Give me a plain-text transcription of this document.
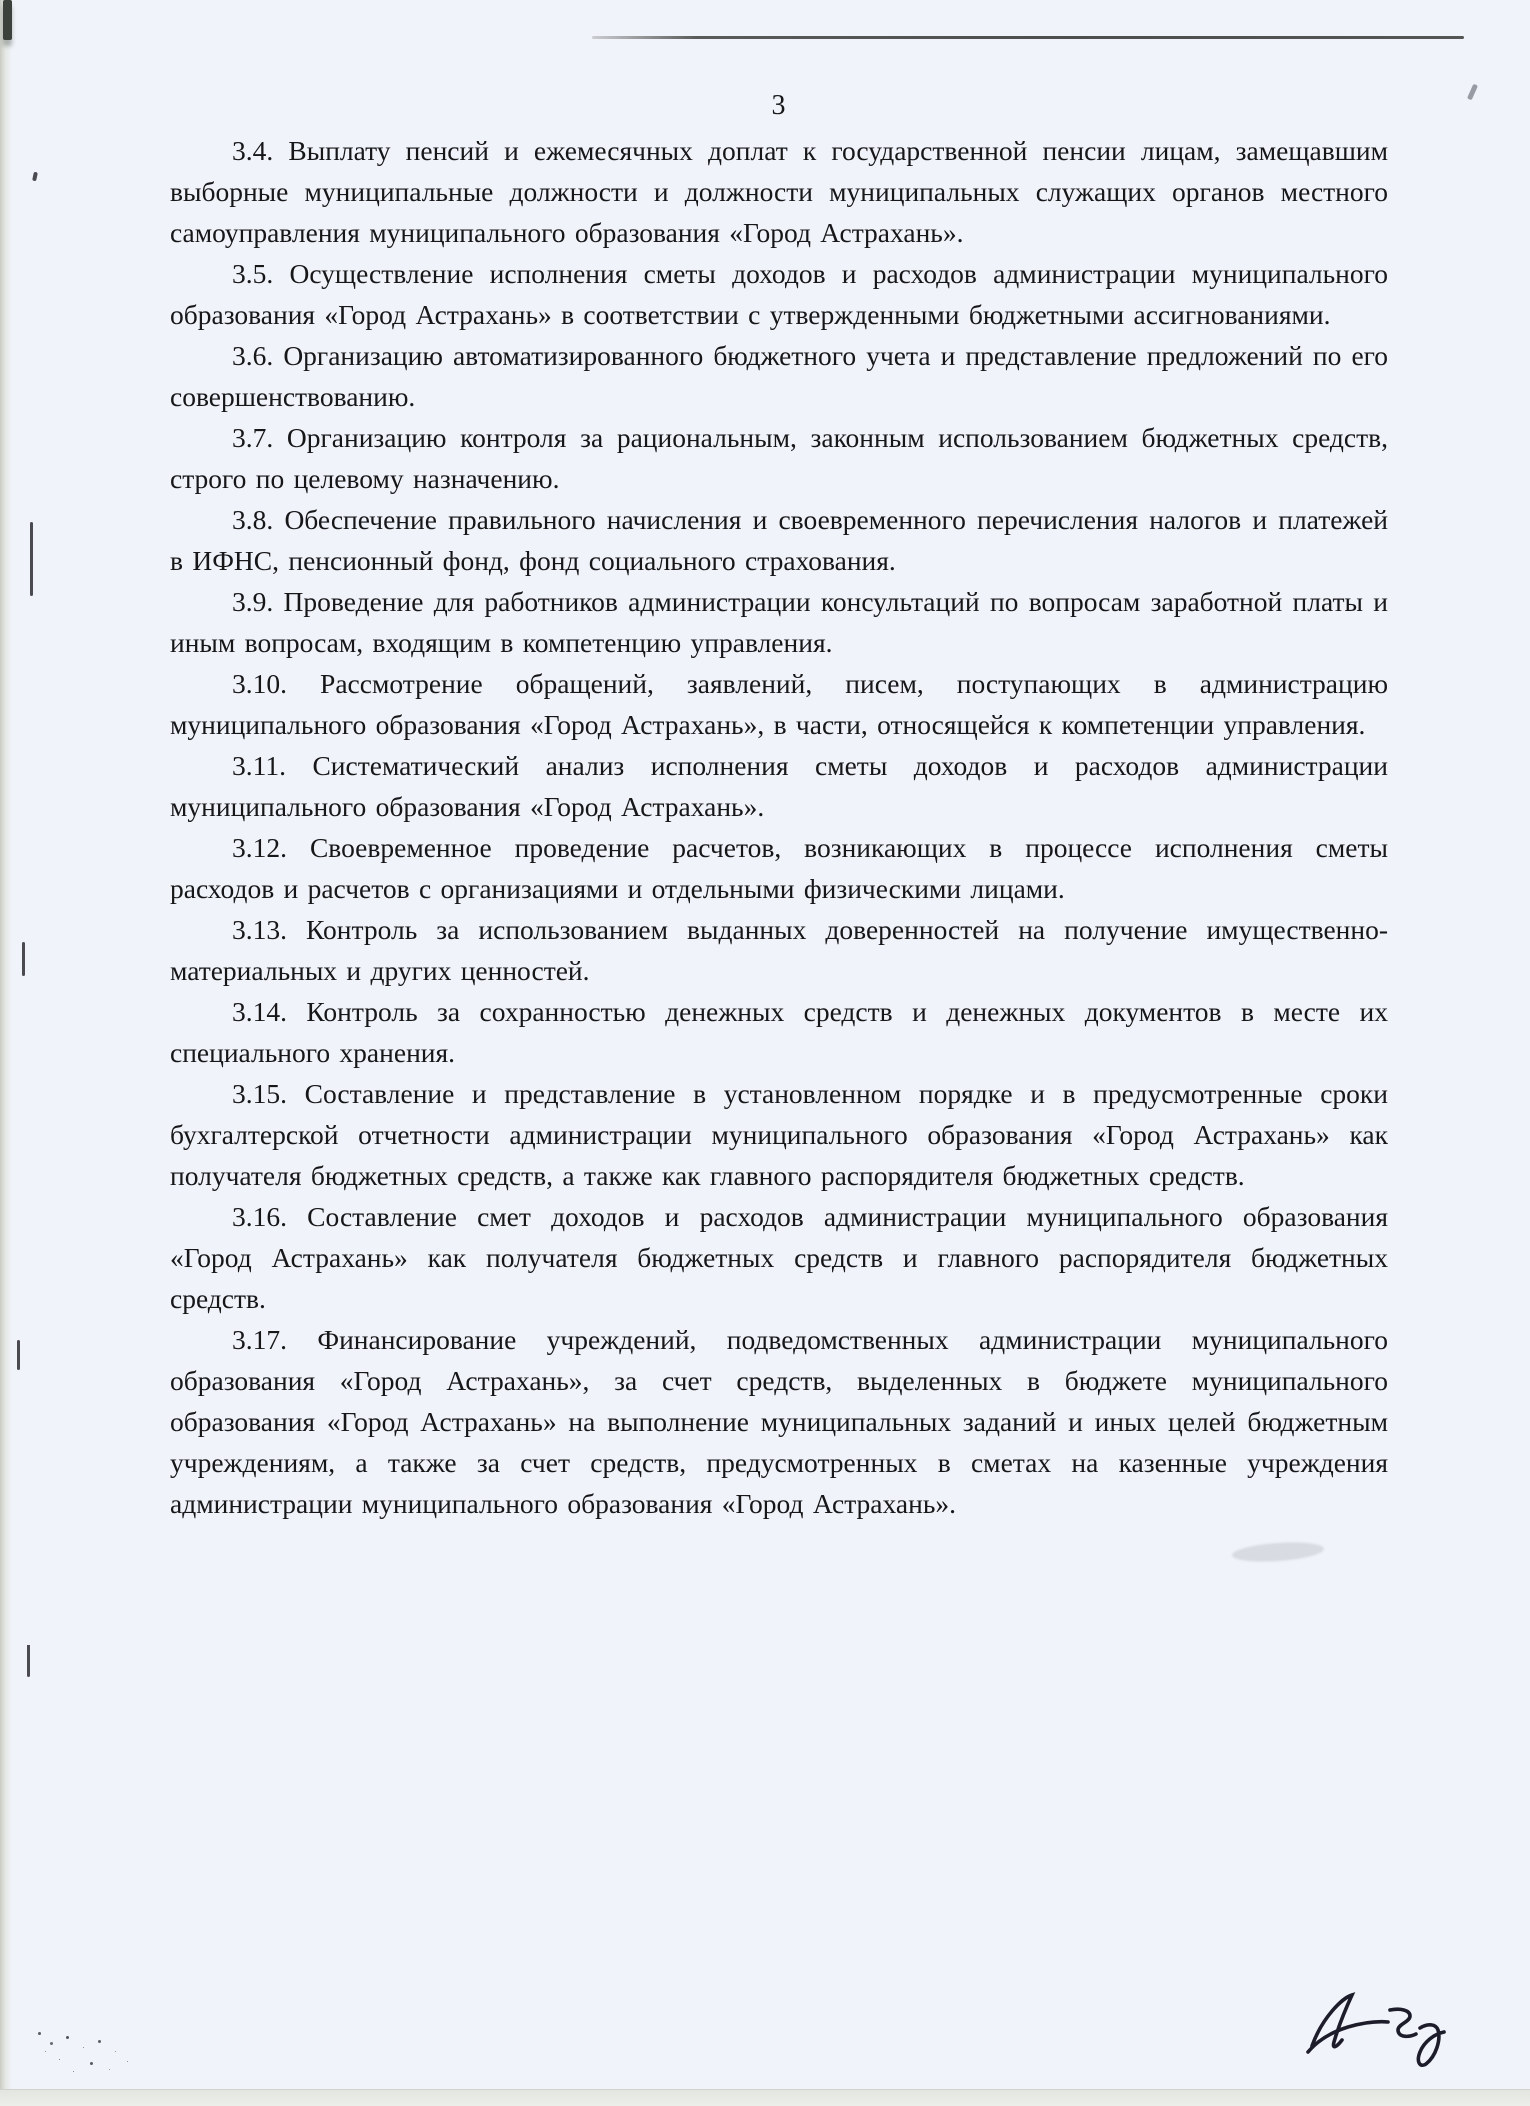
3

3.4. Выплату пенсий и ежемесячных доплат к государственной пенсии лицам, замещавшим выборные муниципальные должности и должности муниципальных служащих органов местного самоуправления муниципального образования «Город Астрахань».

3.5. Осуществление исполнения сметы доходов и расходов администрации муниципального образования «Город Астрахань» в соответствии с утвержденными бюджетными ассигнованиями.

3.6. Организацию автоматизированного бюджетного учета и представление предложений по его совершенствованию.

3.7. Организацию контроля за рациональным, законным использованием бюджетных средств, строго по целевому назначению.

3.8. Обеспечение правильного начисления и своевременного перечисления налогов и платежей в ИФНС, пенсионный фонд, фонд социального страхования.

3.9. Проведение для работников администрации консультаций по вопросам заработной платы и иным вопросам, входящим в компетенцию управления.

3.10. Рассмотрение обращений, заявлений, писем, поступающих в администрацию муниципального образования «Город Астрахань», в части, относящейся к компетенции управления.

3.11. Систематический анализ исполнения сметы доходов и расходов администрации муниципального образования «Город Астрахань».

3.12. Своевременное проведение расчетов, возникающих в процессе исполнения сметы расходов и расчетов с организациями и отдельными физическими лицами.

3.13. Контроль за использованием выданных доверенностей на получение имущественно-материальных и других ценностей.

3.14. Контроль за сохранностью денежных средств и денежных документов в месте их специального хранения.

3.15. Составление и представление в установленном порядке и в предусмотренные сроки бухгалтерской отчетности администрации муниципального образования «Город Астрахань» как получателя бюджетных средств, а также как главного распорядителя бюджетных средств.

3.16. Составление смет доходов и расходов администрации муниципального образования «Город Астрахань» как получателя бюджетных средств и главного распорядителя бюджетных средств.

3.17. Финансирование учреждений, подведомственных администрации муниципального образования «Город Астрахань», за счет средств, выделенных в бюджете муниципального образования «Город Астрахань» на выполнение муниципальных заданий и иных целей бюджетным учреждениям, а также за счет средств, предусмотренных в сметах на казенные учреждения администрации муниципального образования «Город Астрахань».
